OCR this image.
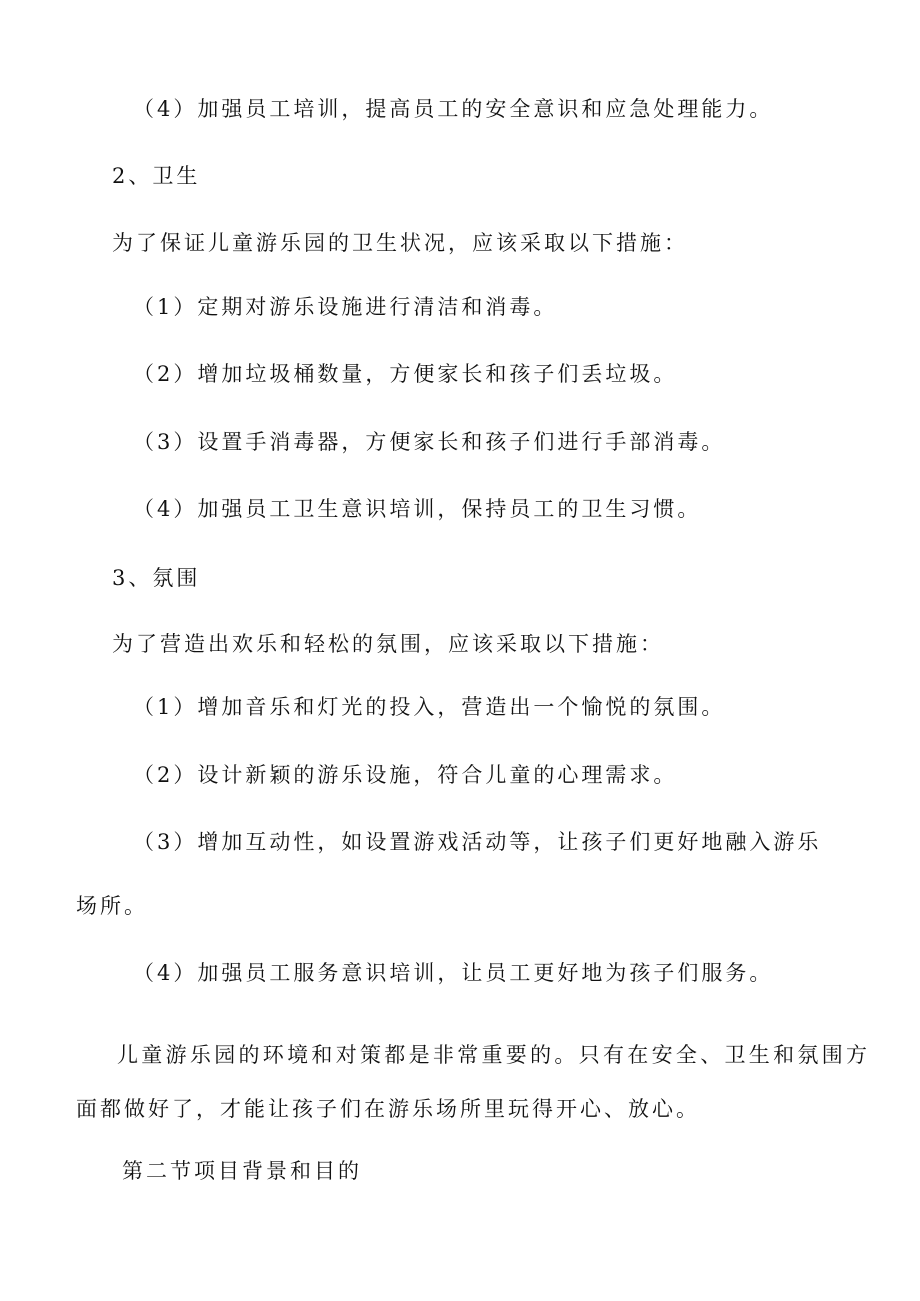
（4）加强员工培训，提高员工的安全意识和应急处理能力。
2、卫生
为了保证儿童游乐园的卫生状况，应该采取以下措施：
（1）定期对游乐设施进行清洁和消毒。
（2）增加垃圾桶数量，方便家长和孩子们丢垃圾。
（3）设置手消毒器，方便家长和孩子们进行手部消毒。
（4）加强员工卫生意识培训，保持员工的卫生习惯。
3、氛围
为了营造出欢乐和轻松的氛围，应该采取以下措施：
（1）增加音乐和灯光的投入，营造出一个愉悦的氛围。
（2）设计新颖的游乐设施，符合儿童的心理需求。
（3）增加互动性，如设置游戏活动等，让孩子们更好地融入游乐
场所。
（4）加强员工服务意识培训，让员工更好地为孩子们服务。
儿童游乐园的环境和对策都是非常重要的。只有在安全、卫生和氛围方
面都做好了，才能让孩子们在游乐场所里玩得开心、放心。
第二节项目背景和目的
